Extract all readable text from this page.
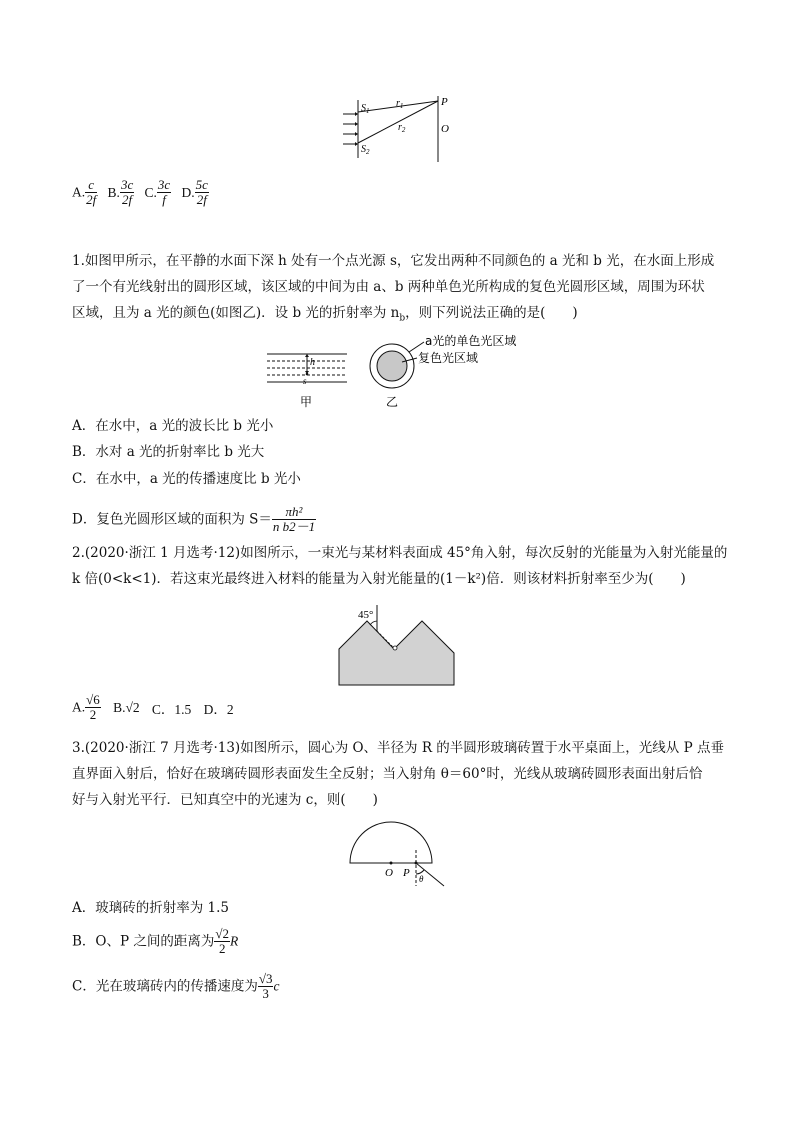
$S_1$
$S_2$
$r_1$
$r_2$
P
O
A. $\frac{c}{2f} B$. $\frac{3c}{2f} C$. $\frac{3c}{f} D$. $\frac{5c}{2f}$
1.如图甲所示，在平静的水面下深 h 处有一个点光源 s，它发出两种不同颜色的 a 光和 b 光，在水面上形成
了一个有光线射出的圆形区域，该区域的中间为由 a、b 两种单色光所构成的复色光圆形区域，周围为环状
区域，且为 a 光的颜色(如图乙)．设 b 光的折射率为 $n_b$，则下列说法正确的是(　　)
h
s
甲	乙
a光的单色光区域
复色光区域
A．在水中，a 光的波长比 b 光小
B．水对 a 光的折射率比 b 光大
C．在水中，a 光的传播速度比 b 光小
D．复色光圆形区域的面积为 $S= \frac{\text{πh²}}{\text{n b2－1}}$
2.(2020·浙江 1 月选考·12)如图所示，一束光与某材料表面成 45°角入射，每次反射的光能量为入射光能量的
k 倍(0<k<1)．若这束光最终进入材料的能量为入射光能量的(1－k²)倍．则该材料折射率至少为(　　)
45°
A. $\frac{√6}{2} B.√2$ C．1.5 D．2
3.(2020·浙江 7 月选考·13)如图所示，圆心为 O、半径为 R 的半圆形玻璃砖置于水平桌面上，光线从 P 点垂
直界面入射后，恰好在玻璃砖圆形表面发生全反射；当入射角 θ＝60°时，光线从玻璃砖圆形表面出射后恰
好与入射光平行．已知真空中的光速为 c，则(　　)
O P θ
A．玻璃砖的折射率为 1.5
B．O、P 之间的距离为 $\frac{√2}{2}$ R
C．光在玻璃砖内的传播速度为 $\frac{√3}{3}$ c
